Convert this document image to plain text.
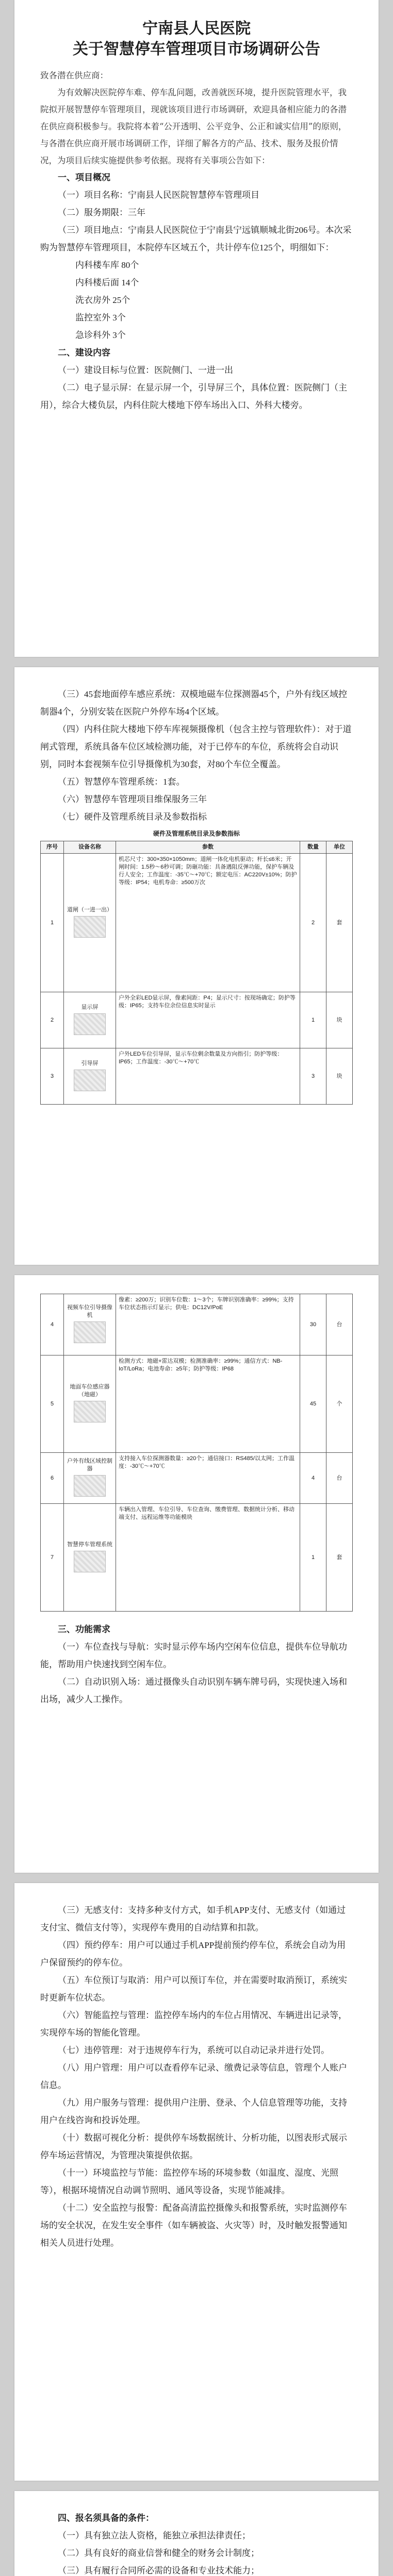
宁南县人民医院
关于智慧停车管理项目市场调研公告

致各潜在供应商：

为有效解决医院停车难、停车乱问题，改善就医环境，提升医院管理水平，我院拟开展智慧停车管理项目，现就该项目进行市场调研，欢迎具备相应能力的各潜在供应商积极参与。我院将本着“公开透明、公平竞争、公正和诚实信用”的原则，与各潜在供应商开展市场调研工作，详细了解各方的产品、技术、服务及报价情况，为项目后续实施提供参考依据。现将有关事项公告如下：

一、项目概况

（一）项目名称：宁南县人民医院智慧停车管理项目

（二）服务期限：三年

（三）项目地点：宁南县人民医院位于宁南县宁远镇顺城北街206号。本次采购为智慧停车管理项目，本院停车区域五个，共计停车位125个，明细如下：

内科楼车库 80个

内科楼后面 14个

洗衣房外 25个

监控室外 3个

急诊科外 3个

二、建设内容

（一）建设目标与位置：医院侧门、一进一出

（二）电子显示屏：在显示屏一个，引导屏三个，具体位置：医院侧门（主用），综合大楼负层，内科住院大楼地下停车场出入口、外科大楼旁。

（三）45套地面停车感应系统：双模地磁车位探测器45个，户外有线区域控制器4个，分别安装在医院户外停车场4个区域。

（四）内科住院大楼地下停车库视频摄像机（包含主控与管理软件）：对于道闸式管理，系统具备车位区域检测功能，对于已停车的车位，系统将会自动识别，同时本套视频车位引导摄像机为30套，对80个车位全覆盖。

（五）智慧停车管理系统：1套。

（六）智慧停车管理项目维保服务三年

（七）硬件及管理系统目录及参数指标

硬件及管理系统目录及参数指标
序号	设备名称	参数	数量	单位
1	道闸（一进一出）	机芯尺寸：300×350×1050mm；道闸一体化电机驱动；杆长≤6米；开闸时间：1.5秒～6秒可调；防砸功能：具备遇阻反弹功能，保护车辆及行人安全；工作温度：-35℃～+70℃；额定电压：AC220V±10%；防护等级：IP54；电机寿命：≥500万次	2	套
2	显示屏	户外全彩LED显示屏，像素间距：P4；显示尺寸：按现场确定；防护等级：IP65；支持车位余位信息实时显示	1	块
3	引导屏	户外LED车位引导屏，显示车位剩余数量及方向指引；防护等级：IP65；工作温度：-30℃～+70℃	3	块
4	视频车位引导摄像机	像素：≥200万；识别车位数：1～3个；车牌识别准确率：≥99%；支持车位状态指示灯显示；供电：DC12V/PoE	30	台
5	地面车位感应器（地磁）	检测方式：地磁+雷达双模；检测准确率：≥99%；通信方式：NB-IoT/LoRa；电池寿命：≥5年；防护等级：IP68	45	个
6	户外有线区域控制器	支持接入车位探测器数量：≥20个；通信接口：RS485/以太网；工作温度：-30℃～+70℃	4	台
7	智慧停车管理系统	车辆出入管理、车位引导、车位查询、缴费管理、数据统计分析、移动端支付、远程运维等功能模块	1	套

三、功能需求

（一）车位查找与导航：实时显示停车场内空闲车位信息，提供车位导航功能，帮助用户快速找到空闲车位。

（二）自动识别入场：通过摄像头自动识别车辆车牌号码，实现快速入场和出场，减少人工操作。

（三）无感支付：支持多种支付方式，如手机APP支付、无感支付（如通过支付宝、微信支付等），实现停车费用的自动结算和扣款。

（四）预约停车：用户可以通过手机APP提前预约停车位，系统会自动为用户保留预约的停车位。

（五）车位预订与取消：用户可以预订车位，并在需要时取消预订，系统实时更新车位状态。

（六）智能监控与管理：监控停车场内的车位占用情况、车辆进出记录等，实现停车场的智能化管理。

（七）违停管理：对于违规停车行为，系统可以自动记录并进行处罚。

（八）用户管理：用户可以查看停车记录、缴费记录等信息，管理个人账户信息。

（九）用户服务与管理：提供用户注册、登录、个人信息管理等功能，支持用户在线咨询和投诉处理。

（十）数据可视化分析：提供停车场数据统计、分析功能，以图表形式展示停车场运营情况，为管理决策提供依据。

（十一）环境监控与节能：监控停车场的环境参数（如温度、湿度、光照等），根据环境情况自动调节照明、通风等设备，实现节能减排。

（十二）安全监控与报警：配备高清监控摄像头和报警系统，实时监测停车场的安全状况，在发生安全事件（如车辆被盗、火灾等）时，及时触发报警通知相关人员进行处理。

四、报名须具备的条件：

（一）具有独立法人资格，能独立承担法律责任；

（二）具有良好的商业信誉和健全的财务会计制度；

（三）具有履行合同所必需的设备和专业技术能力；
